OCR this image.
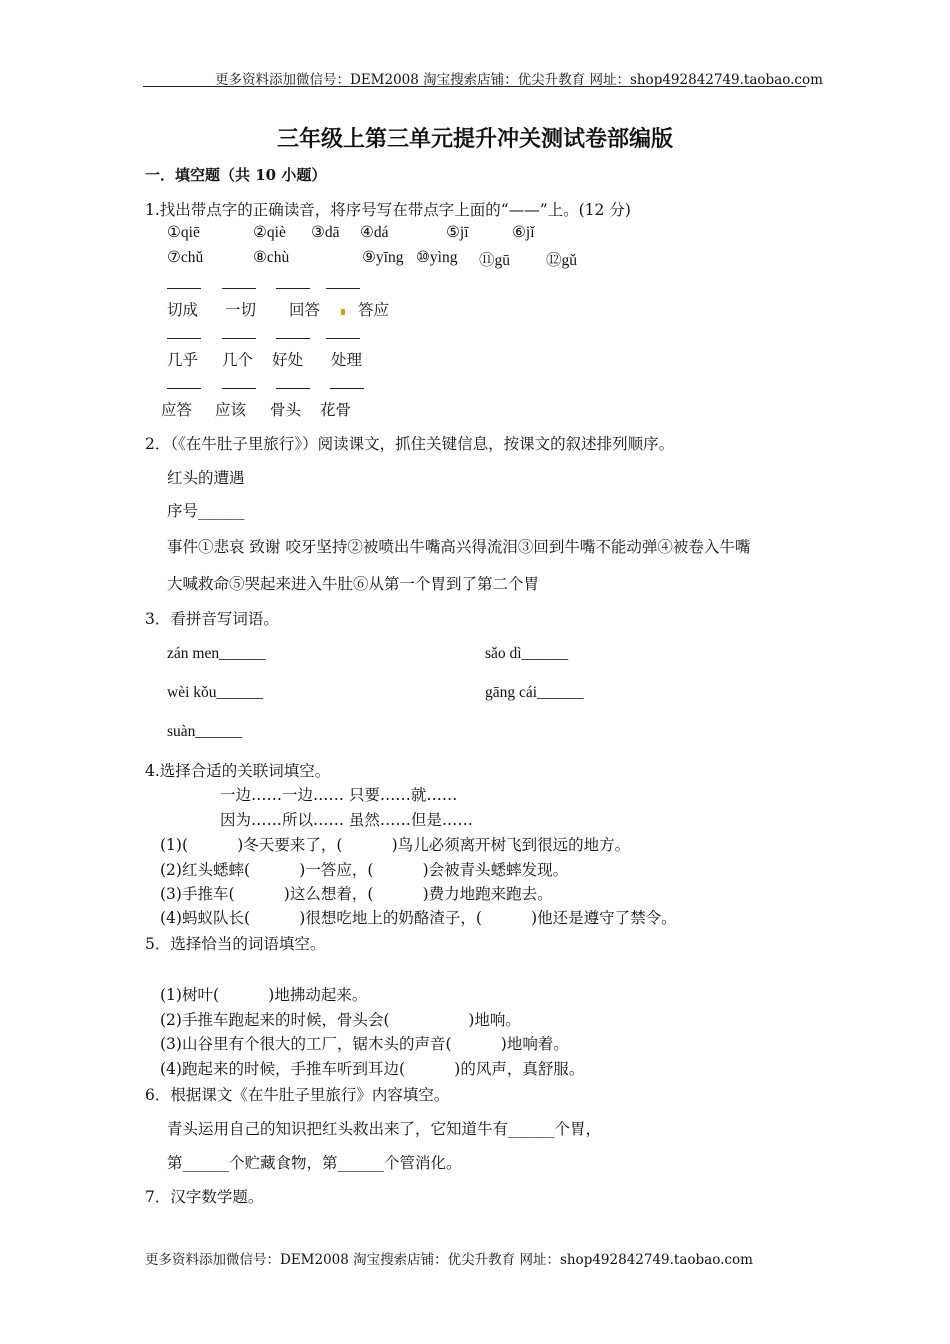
更多资料添加微信号：DEM2008 淘宝搜索店铺：优尖升教育 网址：shop492842749.taobao.com
三年级上第三单元提升冲关测试卷部编版
一．填空题（共 10 小题）
1.找出带点字的正确读音，将序号写在带点字上面的“——”上。(12 分)
①qiē	②qiè ③dā ④dá	⑤jī	⑥jǐ
⑦chǔ	⑧chù	⑨yīng ⑩yìng ⑪gū ⑫gǔ
切成 一切 回答 答应
几乎 几个 好处 处理
应答 应该 骨头 花骨
2．（《在牛肚子里旅行》）阅读课文，抓住关键信息，按课文的叙述排列顺序。
红头的遭遇
序号______
事件①悲哀 致谢 咬牙坚持②被喷出牛嘴高兴得流泪③回到牛嘴不能动弹④被卷入牛嘴
大喊救命⑤哭起来进入牛肚⑥从第一个胃到了第二个胃
3．看拼音写词语。
zán men______	sǎo dì______
wèi kǒu______	gāng cái______
suàn______
4.选择合适的关联词填空。
一边……一边…… 只要……就……
因为……所以…… 虽然……但是……
(1)(          )冬天要来了，(          )鸟儿必须离开树飞到很远的地方。
(2)红头蟋蟀(          )一答应，(          )会被青头蟋蟀发现。
(3)手推车(          )这么想着，(          )费力地跑来跑去。
(4)蚂蚁队长(          )很想吃地上的奶酪渣子，(          )他还是遵守了禁令。
5．选择恰当的词语填空。
(1)树叶(          )地拂动起来。
(2)手推车跑起来的时候，骨头会(                )地响。
(3)山谷里有个很大的工厂，锯木头的声音(          )地响着。
(4)跑起来的时候，手推车听到耳边(          )的风声，真舒服。
6．根据课文《在牛肚子里旅行》内容填空。
青头运用自己的知识把红头救出来了，它知道牛有______个胃，
第______个贮藏食物，第______个管消化。
7．汉字数学题。
更多资料添加微信号：DEM2008 淘宝搜索店铺：优尖升教育 网址：shop492842749.taobao.com
